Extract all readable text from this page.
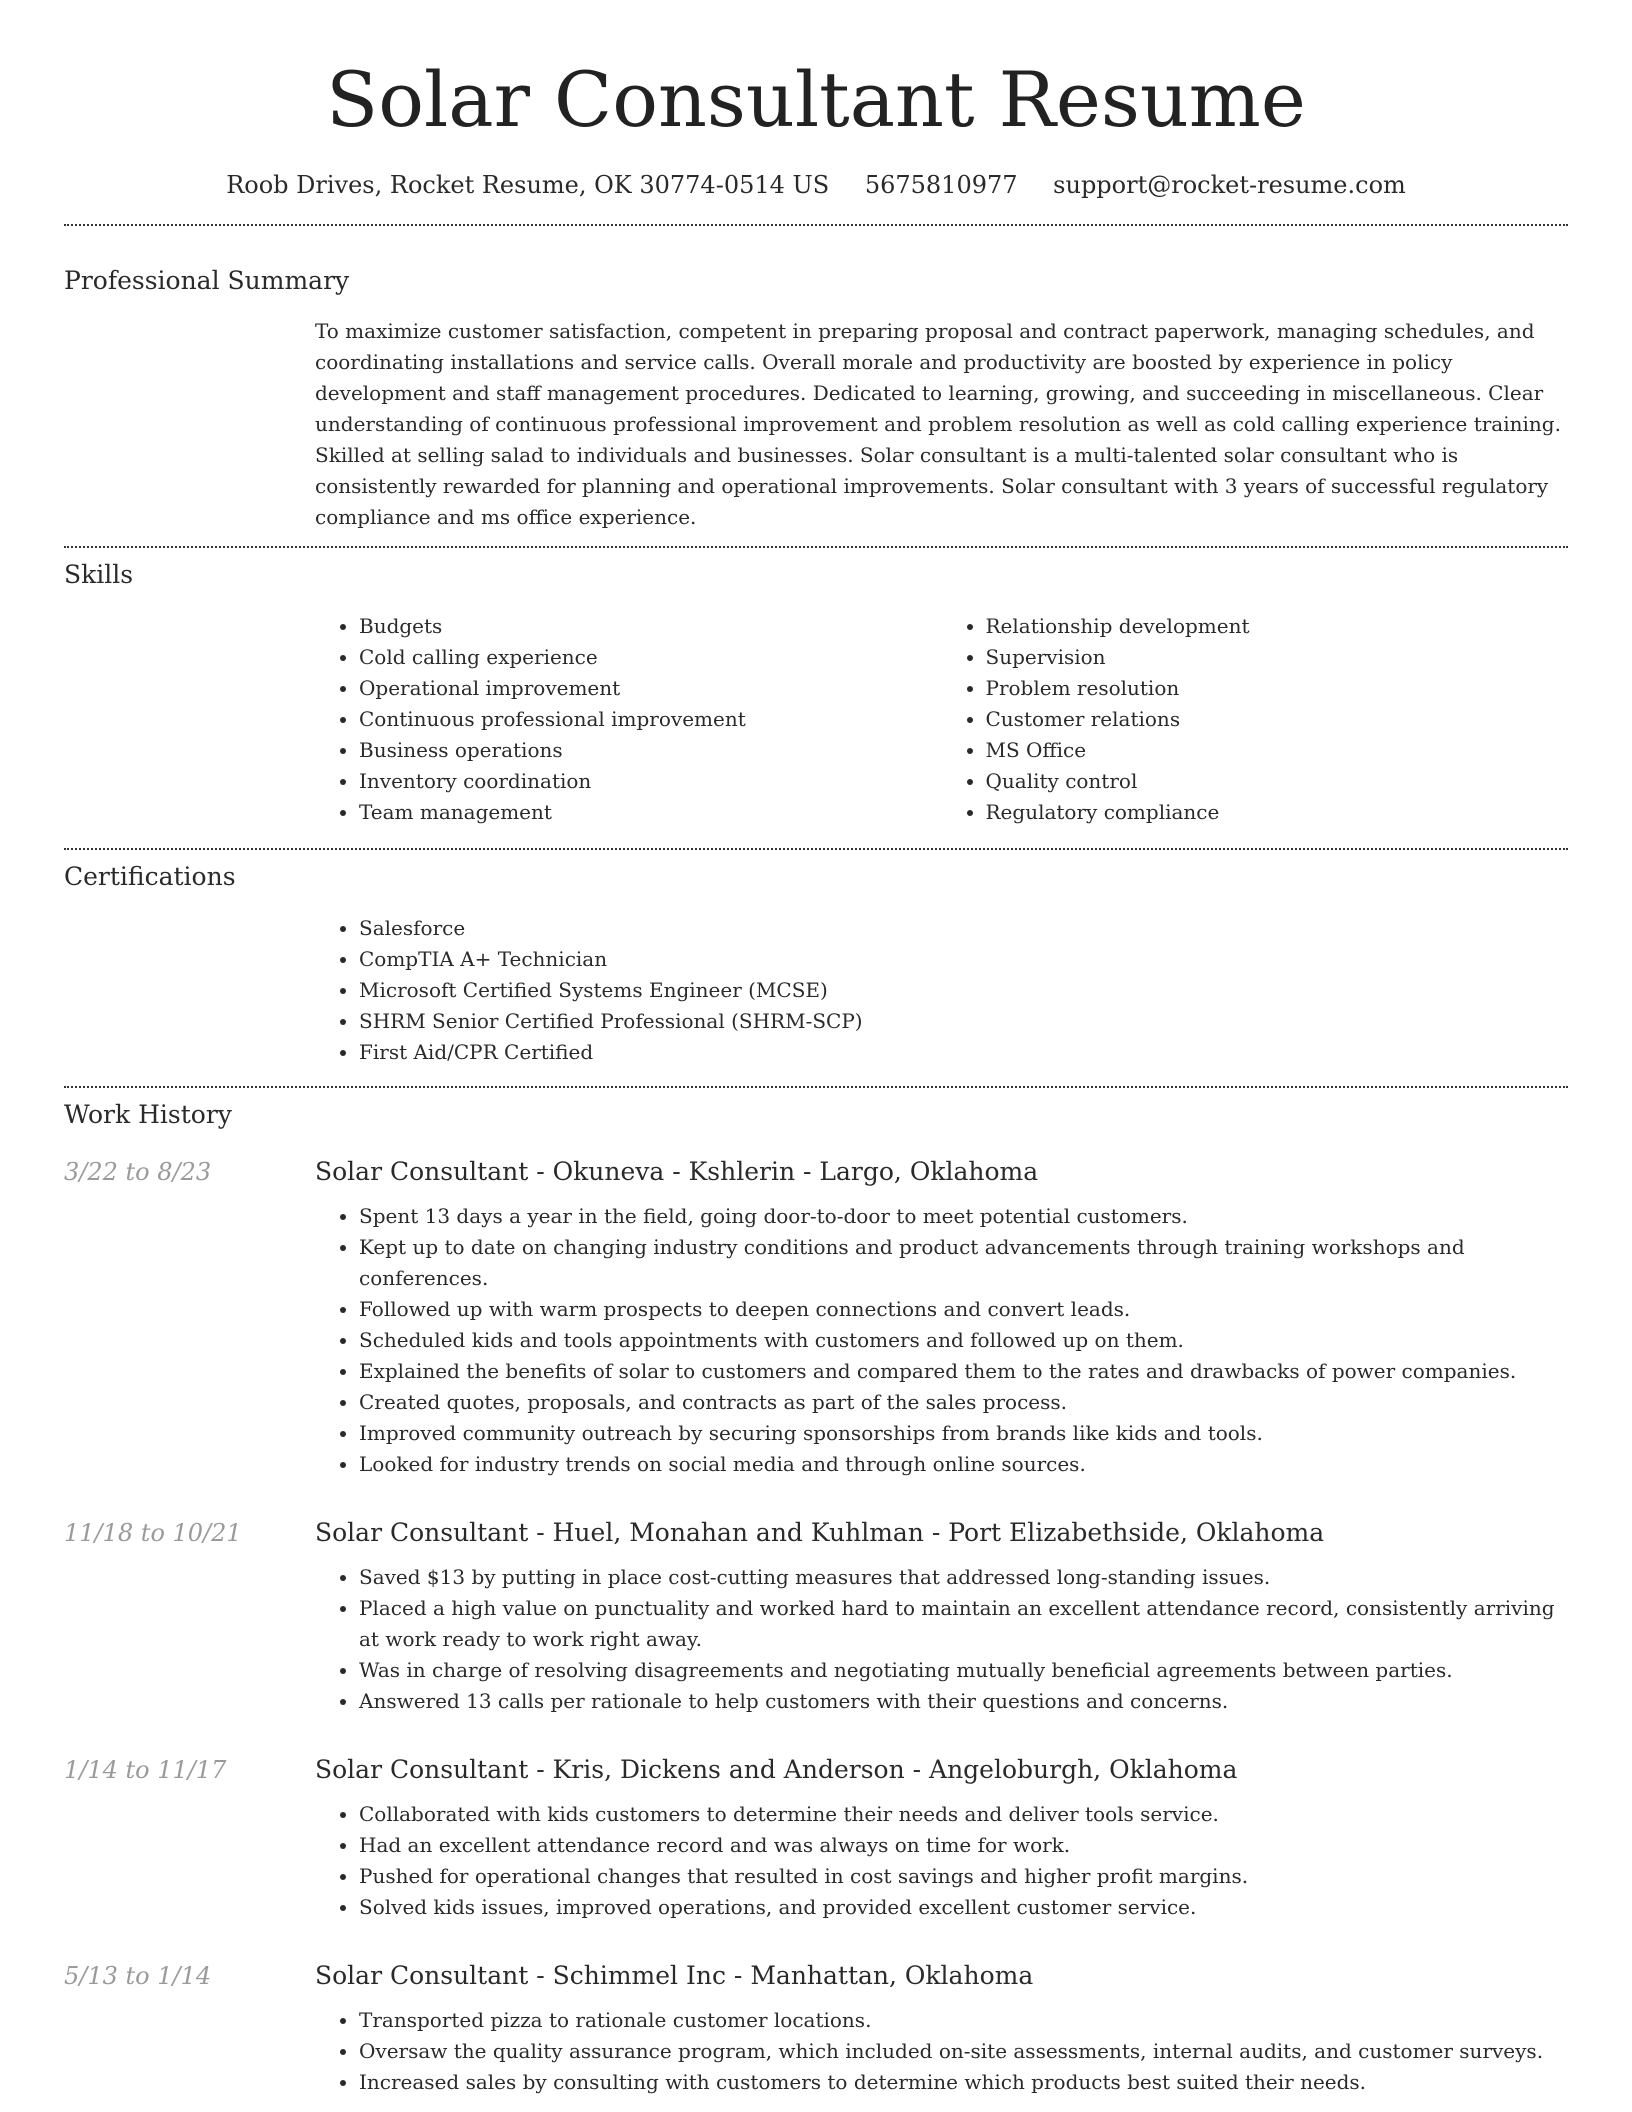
Solar Consultant Resume
Roob Drives, Rocket Resume, OK 30774-0514 US 5675810977 support@rocket-resume.com
Professional Summary

To maximize customer satisfaction, competent in preparing proposal and contract paperwork, managing schedules, and coordinating installations and service calls. Overall morale and productivity are boosted by experience in policy development and staff management procedures. Dedicated to learning, growing, and succeeding in miscellaneous. Clear understanding of continuous professional improvement and problem resolution as well as cold calling experience training. Skilled at selling salad to individuals and businesses. Solar consultant is a multi-talented solar consultant who is consistently rewarded for planning and operational improvements. Solar consultant with 3 years of successful regulatory compliance and ms office experience.

Skills
• Budgets
• Cold calling experience
• Operational improvement
• Continuous professional improvement
• Business operations
• Inventory coordination
• Team management
• Relationship development
• Supervision
• Problem resolution
• Customer relations
• MS Office
• Quality control
• Regulatory compliance
Certifications
• Salesforce
• CompTIA A+ Technician
• Microsoft Certified Systems Engineer (MCSE)
• SHRM Senior Certified Professional (SHRM-SCP)
• First Aid/CPR Certified
Work History
3/22 to 8/23	Solar Consultant - Okuneva - Kshlerin - Largo, Oklahoma
• Spent 13 days a year in the field, going door-to-door to meet potential customers.
• Kept up to date on changing industry conditions and product advancements through training workshops and conferences.
• Followed up with warm prospects to deepen connections and convert leads.
• Scheduled kids and tools appointments with customers and followed up on them.
• Explained the benefits of solar to customers and compared them to the rates and drawbacks of power companies.
• Created quotes, proposals, and contracts as part of the sales process.
• Improved community outreach by securing sponsorships from brands like kids and tools.
• Looked for industry trends on social media and through online sources.
11/18 to 10/21	Solar Consultant - Huel, Monahan and Kuhlman - Port Elizabethside, Oklahoma
• Saved $13 by putting in place cost-cutting measures that addressed long-standing issues.
• Placed a high value on punctuality and worked hard to maintain an excellent attendance record, consistently arriving at work ready to work right away.
• Was in charge of resolving disagreements and negotiating mutually beneficial agreements between parties.
• Answered 13 calls per rationale to help customers with their questions and concerns.
1/14 to 11/17	Solar Consultant - Kris, Dickens and Anderson - Angeloburgh, Oklahoma
• Collaborated with kids customers to determine their needs and deliver tools service.
• Had an excellent attendance record and was always on time for work.
• Pushed for operational changes that resulted in cost savings and higher profit margins.
• Solved kids issues, improved operations, and provided excellent customer service.
5/13 to 1/14	Solar Consultant - Schimmel Inc - Manhattan, Oklahoma
• Transported pizza to rationale customer locations.
• Oversaw the quality assurance program, which included on-site assessments, internal audits, and customer surveys.
• Increased sales by consulting with customers to determine which products best suited their needs.
